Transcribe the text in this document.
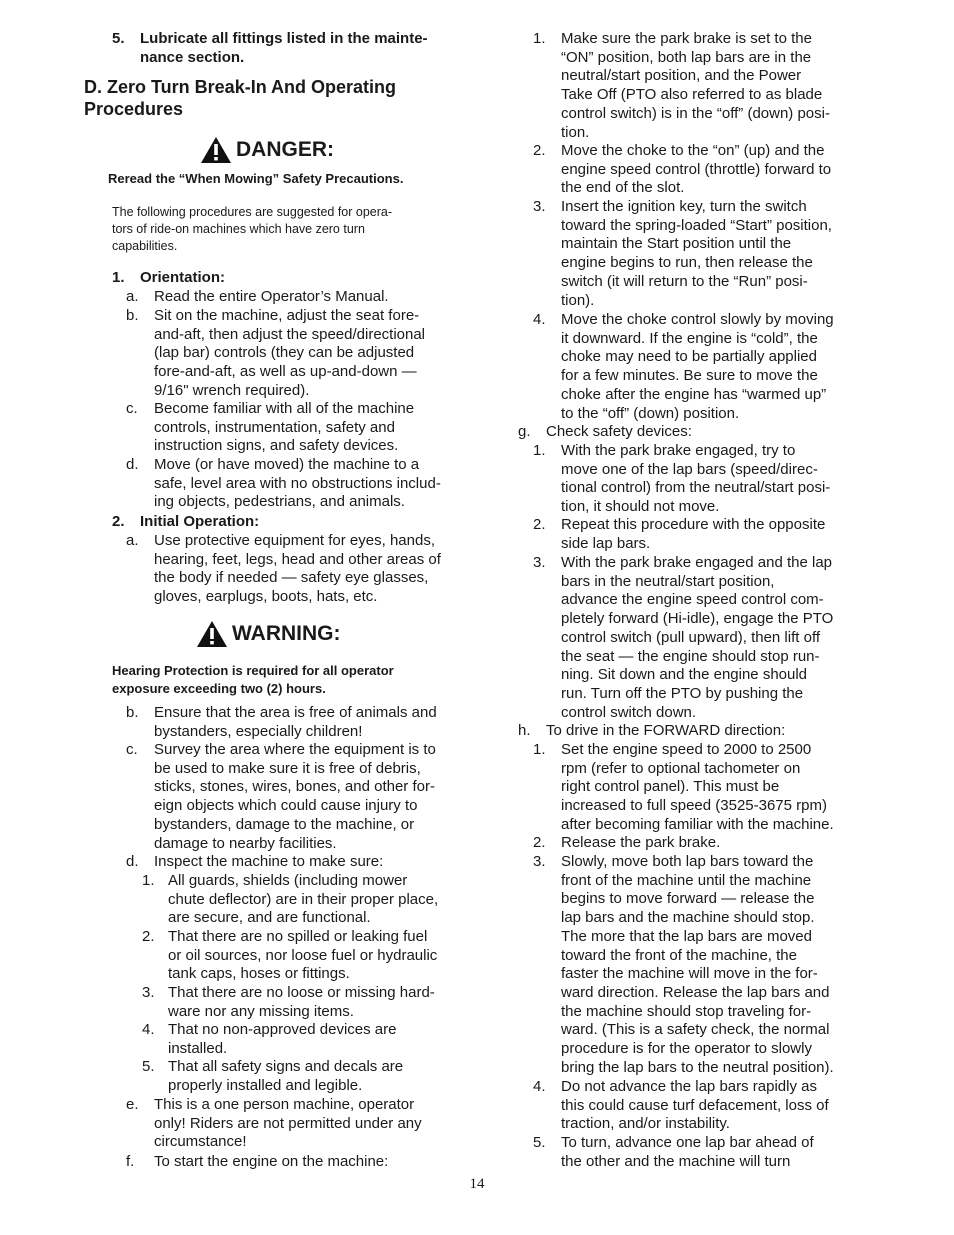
5. Lubricate all fittings listed in the mainte-
nance section.
D. Zero Turn Break-In And Operating
Procedures
DANGER:
Reread the “When Mowing” Safety Precautions.
The following procedures are suggested for opera-
tors of ride-on machines which have zero turn
capabilities.
1. Orientation:
a. Read the entire Operator’s Manual.
b. Sit on the machine, adjust the seat fore-
and-aft, then adjust the speed/directional
(lap bar) controls (they can be adjusted
fore-and-aft, as well as up-and-down —
9/16" wrench required).
c. Become familiar with all of the machine
controls, instrumentation, safety and
instruction signs, and safety devices.
d. Move (or have moved) the machine to a
safe, level area with no obstructions includ-
ing objects, pedestrians, and animals.
2. Initial Operation:
a. Use protective equipment for eyes, hands,
hearing, feet, legs, head and other areas of
the body if needed — safety eye glasses,
gloves, earplugs, boots, hats, etc.
WARNING:
Hearing Protection is required for all operator
exposure exceeding two (2) hours.
b. Ensure that the area is free of animals and
bystanders, especially children!
c. Survey the area where the equipment is to
be used to make sure it is free of debris,
sticks, stones, wires, bones, and other for-
eign objects which could cause injury to
bystanders, damage to the machine, or
damage to nearby facilities.
d. Inspect the machine to make sure:
1. All guards, shields (including mower
chute deflector) are in their proper place,
are secure, and are functional.
2. That there are no spilled or leaking fuel
or oil sources, nor loose fuel or hydraulic
tank caps, hoses or fittings.
3. That there are no loose or missing hard-
ware nor any missing items.
4. That no non-approved devices are
installed.
5. That all safety signs and decals are
properly installed and legible.
e. This is a one person machine, operator
only! Riders are not permitted under any
circumstance!
f. To start the engine on the machine:
1. Make sure the park brake is set to the
“ON” position, both lap bars are in the
neutral/start position, and the Power
Take Off (PTO also referred to as blade
control switch) is in the “off” (down) posi-
tion.
2. Move the choke to the “on” (up) and the
engine speed control (throttle) forward to
the end of the slot.
3. Insert the ignition key, turn the switch
toward the spring-loaded “Start” position,
maintain the Start position until the
engine begins to run, then release the
switch (it will return to the “Run” posi-
tion).
4. Move the choke control slowly by moving
it downward. If the engine is “cold”, the
choke may need to be partially applied
for a few minutes. Be sure to move the
choke after the engine has “warmed up”
to the “off” (down) position.
g. Check safety devices:
1. With the park brake engaged, try to
move one of the lap bars (speed/direc-
tional control) from the neutral/start posi-
tion, it should not move.
2. Repeat this procedure with the opposite
side lap bars.
3. With the park brake engaged and the lap
bars in the neutral/start position,
advance the engine speed control com-
pletely forward (Hi-idle), engage the PTO
control switch (pull upward), then lift off
the seat — the engine should stop run-
ning. Sit down and the engine should
run. Turn off the PTO by pushing the
control switch down.
h. To drive in the FORWARD direction:
1. Set the engine speed to 2000 to 2500
rpm (refer to optional tachometer on
right control panel). This must be
increased to full speed (3525-3675 rpm)
after becoming familiar with the machine.
2. Release the park brake.
3. Slowly, move both lap bars toward the
front of the machine until the machine
begins to move forward — release the
lap bars and the machine should stop.
The more that the lap bars are moved
toward the front of the machine, the
faster the machine will move in the for-
ward direction. Release the lap bars and
the machine should stop traveling for-
ward. (This is a safety check, the normal
procedure is for the operator to slowly
bring the lap bars to the neutral position).
4. Do not advance the lap bars rapidly as
this could cause turf defacement, loss of
traction, and/or instability.
5. To turn, advance one lap bar ahead of
the other and the machine will turn
14
